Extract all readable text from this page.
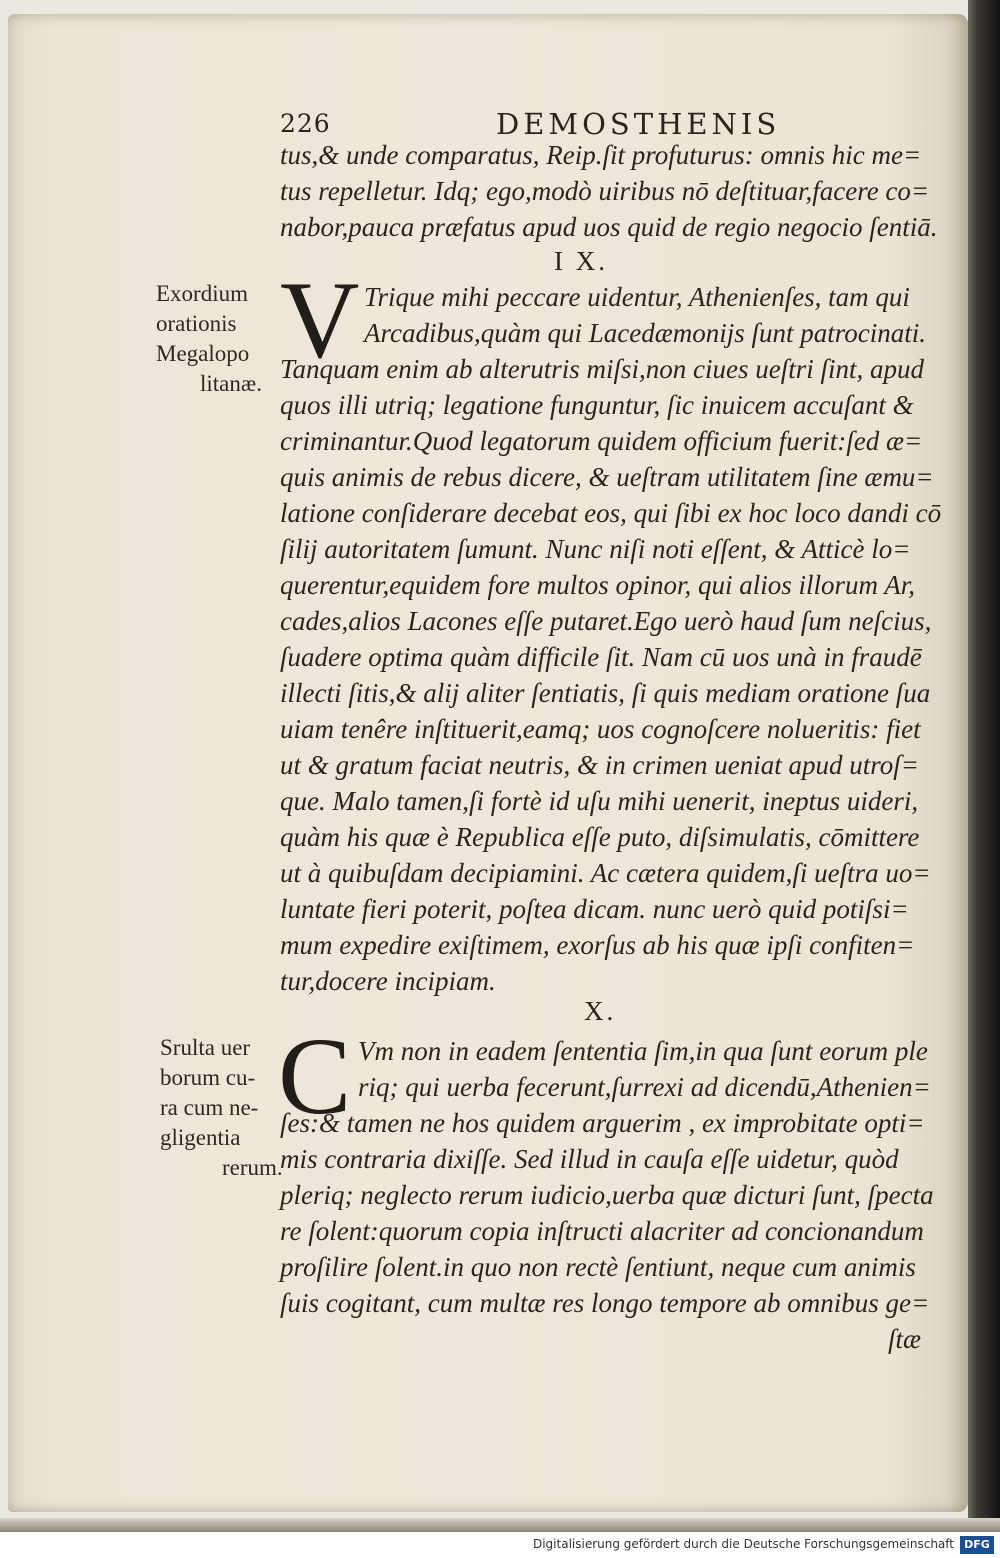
226	DEMOSTHENIS
tus,& unde comparatus, Reip.ſit profuturus: omnis hic me=
tus repelletur. Idq; ego,modò uiribus nō deſtituar,facere co=
nabor,pauca præfatus apud uos quid de regio negocio ſentiā.
I X.
Exordium
orationis
Megalopo
litanæ.
V Trique mihi peccare uidentur, Athenienſes, tam qui
Arcadibus,quàm qui Lacedæmonijs ſunt patrocinati.
Tanquam enim ab alterutris miſsi,non ciues ueſtri ſint, apud
quos illi utriq; legatione funguntur, ſic inuicem accuſant &
criminantur.Quod legatorum quidem officium fuerit:ſed æ=
quis animis de rebus dicere, & ueſtram utilitatem ſine æmu=
latione conſiderare decebat eos, qui ſibi ex hoc loco dandi cō
ſilij autoritatem ſumunt. Nunc niſi noti eſſent, & Atticè lo=
querentur,equidem fore multos opinor, qui alios illorum Ar,
cades,alios Lacones eſſe putaret.Ego uerò haud ſum neſcius,
ſuadere optima quàm difficile ſit. Nam cū uos unà in fraudē
illecti ſitis,& alij aliter ſentiatis, ſi quis mediam oratione ſua
uiam tenêre inſtituerit,eamq; uos cognoſcere nolueritis: fiet
ut & gratum faciat neutris, & in crimen ueniat apud utroſ=
que. Malo tamen,ſi fortè id uſu mihi uenerit, ineptus uideri,
quàm his quæ è Republica eſſe puto, diſsimulatis, cōmittere
ut à quibuſdam decipiamini. Ac cætera quidem,ſi ueſtra uo=
luntate fieri poterit, poſtea dicam. nunc uerò quid potiſsi=
mum expedire exiſtimem, exorſus ab his quæ ipſi confiten=
tur,docere incipiam.
X.
Srulta uer
borum cu-
ra cum ne-
gligentia
rerum.
C Vm non in eadem ſententia ſim,in qua ſunt eorum ple
riq; qui uerba fecerunt,ſurrexi ad dicendū,Athenien=
ſes:& tamen ne hos quidem arguerim , ex improbitate opti=
mis contraria dixiſſe. Sed illud in cauſa eſſe uidetur, quòd
pleriq; neglecto rerum iudicio,uerba quæ dicturi ſunt, ſpecta
re ſolent:quorum copia inſtructi alacriter ad concionandum
proſilire ſolent.in quo non rectè ſentiunt, neque cum animis
ſuis cogitant, cum multæ res longo tempore ab omnibus ge=
ſtæ
Digitalisierung gefördert durch die Deutsche Forschungsgemeinschaft DFG
